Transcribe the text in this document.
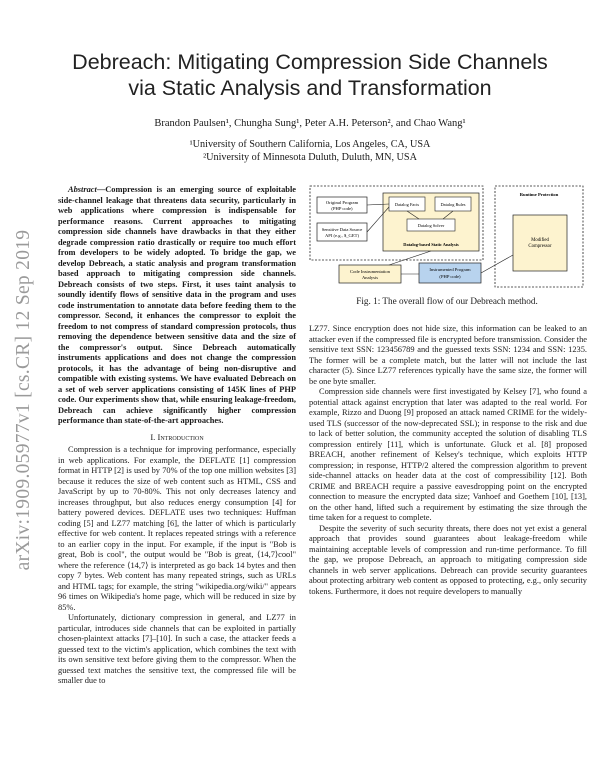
arXiv:1909.05977v1 [cs.CR] 12 Sep 2019
Debreach: Mitigating Compression Side Channels
via Static Analysis and Transformation
Brandon Paulsen¹, Chungha Sung¹, Peter A.H. Peterson², and Chao Wang¹
¹University of Southern California, Los Angeles, CA, USA
²University of Minnesota Duluth, Duluth, MN, USA

Abstract—Compression is an emerging source of exploitable side-channel leakage that threatens data security, particularly in web applications where compression is indispensable for performance reasons. Current approaches to mitigating compression side channels have drawbacks in that they either degrade compression ratio drastically or require too much effort from developers to be widely adopted. To bridge the gap, we develop Debreach, a static analysis and program transformation based approach to mitigating compression side channels. Debreach consists of two steps. First, it uses taint analysis to soundly identify flows of sensitive data in the program and uses code instrumentation to annotate data before feeding them to the compressor. Second, it enhances the compressor to exploit the freedom to not compress of standard compression protocols, thus removing the dependence between sensitive data and the size of the compressor's output. Since Debreach automatically instruments applications and does not change the compression protocols, it has the advantage of being non-disruptive and compatible with existing systems. We have evaluated Debreach on a set of web server applications consisting of 145K lines of PHP code. Our experiments show that, while ensuring leakage-freedom, Debreach can achieve significantly higher compression performance than state-of-the-art approaches.

I. Introduction

Compression is a technique for improving performance, especially in web applications. For example, the DEFLATE [1] compression format in HTTP [2] is used by 70% of the top one million websites [3] because it reduces the size of web content such as HTML, CSS and JavaScript by up to 70-80%. This not only decreases latency and increases throughput, but also reduces energy consumption [4] for battery powered devices. DEFLATE uses two techniques: Huffman coding [5] and LZ77 matching [6], the latter of which is particularly effective for web content. It replaces repeated strings with a reference to an earlier copy in the input. For example, if the input is "Bob is great, Bob is cool", the output would be "Bob is great, ⟨14,7⟩cool" where the reference ⟨14,7⟩ is interpreted as go back 14 bytes and then copy 7 bytes. Web content has many repeated strings, such as URLs and HTML tags; for example, the string "wikipedia.org/wiki/" appears 96 times on Wikipedia's home page, which will be reduced in size by 85%.

Unfortunately, dictionary compression in general, and LZ77 in particular, introduces side channels that can be exploited in partially chosen-plaintext attacks [7]–[10]. In such a case, the attacker feeds a guessed text to the victim's application, which combines the text with its own sensitive text before giving them to the compressor. When the guessed text matches the sensitive text, the compressed file will be smaller due to

Original Program
(PHP code)
Sensitive Data Source
API (e.g., $_GET)
Datalog Facts	Datalog Rules
Datalog Solver
Datalog-based Static Analysis
Code Instrumentation
Analysis
Instrumented Program
(PHP code)
Modified
Compressor
Runtime Protection
Fig. 1: The overall flow of our Debreach method.

LZ77. Since encryption does not hide size, this information can be leaked to an attacker even if the compressed file is encrypted before transmission. Consider the sensitive text SSN: 123456789 and the guessed texts SSN: 1234 and SSN: 1235. The former will be a complete match, but the latter will not include the last character (5). Since LZ77 references typically have the same size, the former will be one byte smaller.

Compression side channels were first investigated by Kelsey [7], who found a potential attack against encryption that later was adapted to the real world. For example, Rizzo and Duong [9] proposed an attack named CRIME for the widely-used TLS (successor of the now-deprecated SSL); in response to the risk and due to lack of better solution, the community accepted the solution of disabling TLS compression entirely [11], which is unfortunate. Gluck et al. [8] proposed BREACH, another refinement of Kelsey's technique, which exploits HTTP compression; in response, HTTP/2 altered the compression algorithm to prevent side-channel attacks on header data at the cost of compressibility [12]. Both CRIME and BREACH require a passive eavesdropping point on the encrypted connection to measure the encrypted data size; Vanhoef and Goethem [10], [13], on the other hand, lifted such a requirement by estimating the size through the time taken for a request to complete.

Despite the severity of such security threats, there does not yet exist a general approach that provides sound guarantees about leakage-freedom while maintaining acceptable levels of compression and run-time performance. To fill the gap, we propose Debreach, an approach to mitigating compression side channels in web server applications. Debreach can provide security guarantees about protecting arbitrary web content as opposed to protecting, e.g., only security tokens. Furthermore, it does not require developers to manually
